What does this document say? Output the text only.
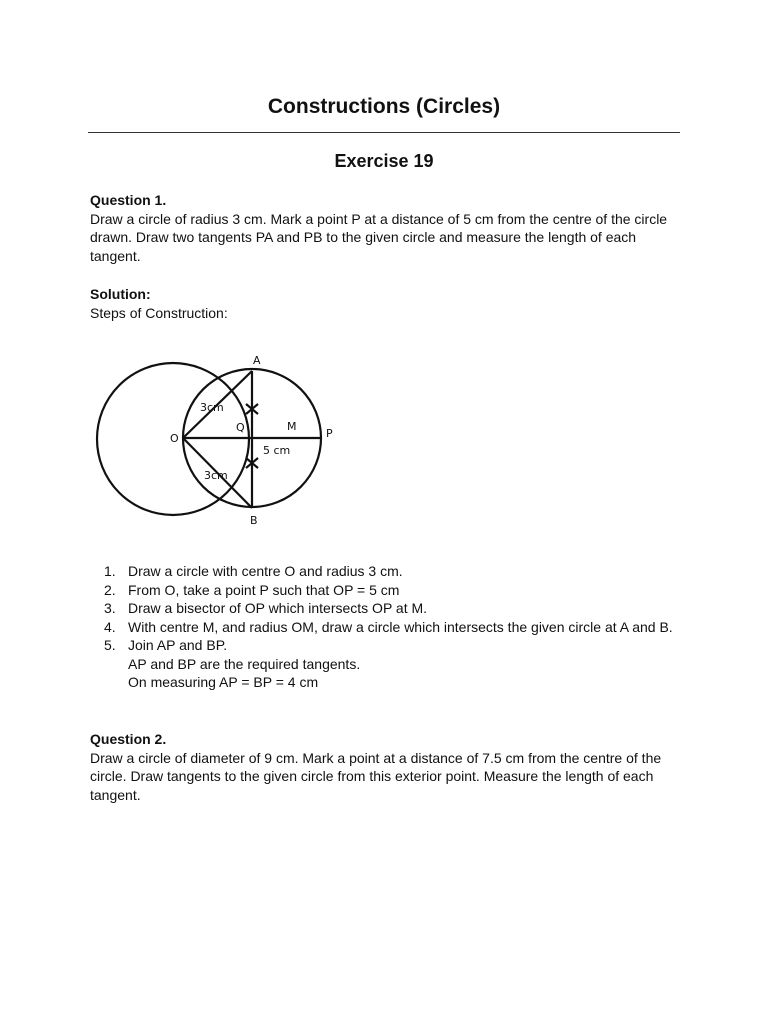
Constructions (Circles)
Exercise 19
Question 1.
Draw a circle of radius 3 cm. Mark a point P at a distance of 5 cm from the centre of the circle drawn. Draw two tangents PA and PB to the given circle and measure the length of each tangent.
Solution:
Steps of Construction:
A
B
O	P
Q	M
3cm
3cm
5 cm
1. Draw a circle with centre O and radius 3 cm.
2. From O, take a point P such that OP = 5 cm
3. Draw a bisector of OP which intersects OP at M.
4. With centre M, and radius OM, draw a circle which intersects the given circle at A and B.
5. Join AP and BP.
AP and BP are the required tangents.
On measuring AP = BP = 4 cm
Question 2.
Draw a circle of diameter of 9 cm. Mark a point at a distance of 7.5 cm from the centre of the circle. Draw tangents to the given circle from this exterior point. Measure the length of each tangent.
